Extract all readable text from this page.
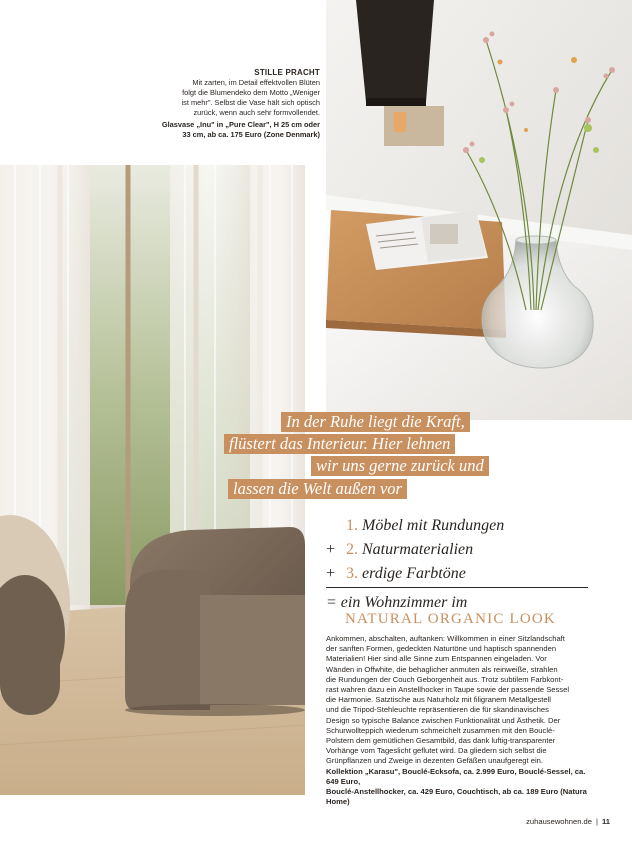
STILLE PRACHT
Mit zarten, im Detail effektvollen Blüten
folgt die Blumendeko dem Motto „Weniger
ist mehr". Selbst die Vase hält sich optisch
zurück, wenn auch sehr formvollendet.
Glasvase „Inu" in „Pure Clear", H 25 cm oder
33 cm, ab ca. 175 Euro (Zone Denmark)
In der Ruhe liegt die Kraft,
flüstert das Interieur. Hier lehnen
wir uns gerne zurück und
lassen die Welt außen vor
1. Möbel mit Rundungen
+ 2. Naturmaterialien
+ 3. erdige Farbtöne
= ein Wohnzimmer im
NATURAL ORGANIC LOOK

Ankommen, abschalten, auftanken: Willkommen in einer Sitzlandschaft

der sanften Formen, gedeckten Naturtöne und haptisch spannenden

Materialien! Hier sind alle Sinne zum Entspannen eingeladen. Vor

Wänden in Offwhite, die behaglicher anmuten als reinweiße, strahlen

die Rundungen der Couch Geborgenheit aus. Trotz subtilem Farbkont-

rast wahren dazu ein Anstellhocker in Taupe sowie der passende Sessel

die Harmonie. Satztische aus Naturholz mit filigranem Metallgestell

und die Tripod-Stehleuchte repräsentieren die für skandinavisches

Design so typische Balance zwischen Funktionalität und Ästhetik. Der

Schurwollteppich wiederum schmeichelt zusammen mit den Bouclé-

Polstern dem gemütlichen Gesamtbild, das dank luftig-transparenter

Vorhänge vom Tageslicht geflutet wird. Da gliedern sich selbst die

Grünpflanzen und Zweige in dezenten Gefäßen unaufgeregt ein.

Kollektion „Karasu", Bouclé-Ecksofa, ca. 2.999 Euro, Bouclé-Sessel, ca. 649 Euro,

Bouclé-Anstellhocker, ca. 429 Euro, Couchtisch, ab ca. 189 Euro (Natura Home)

zuhausewohnen.de | 11
